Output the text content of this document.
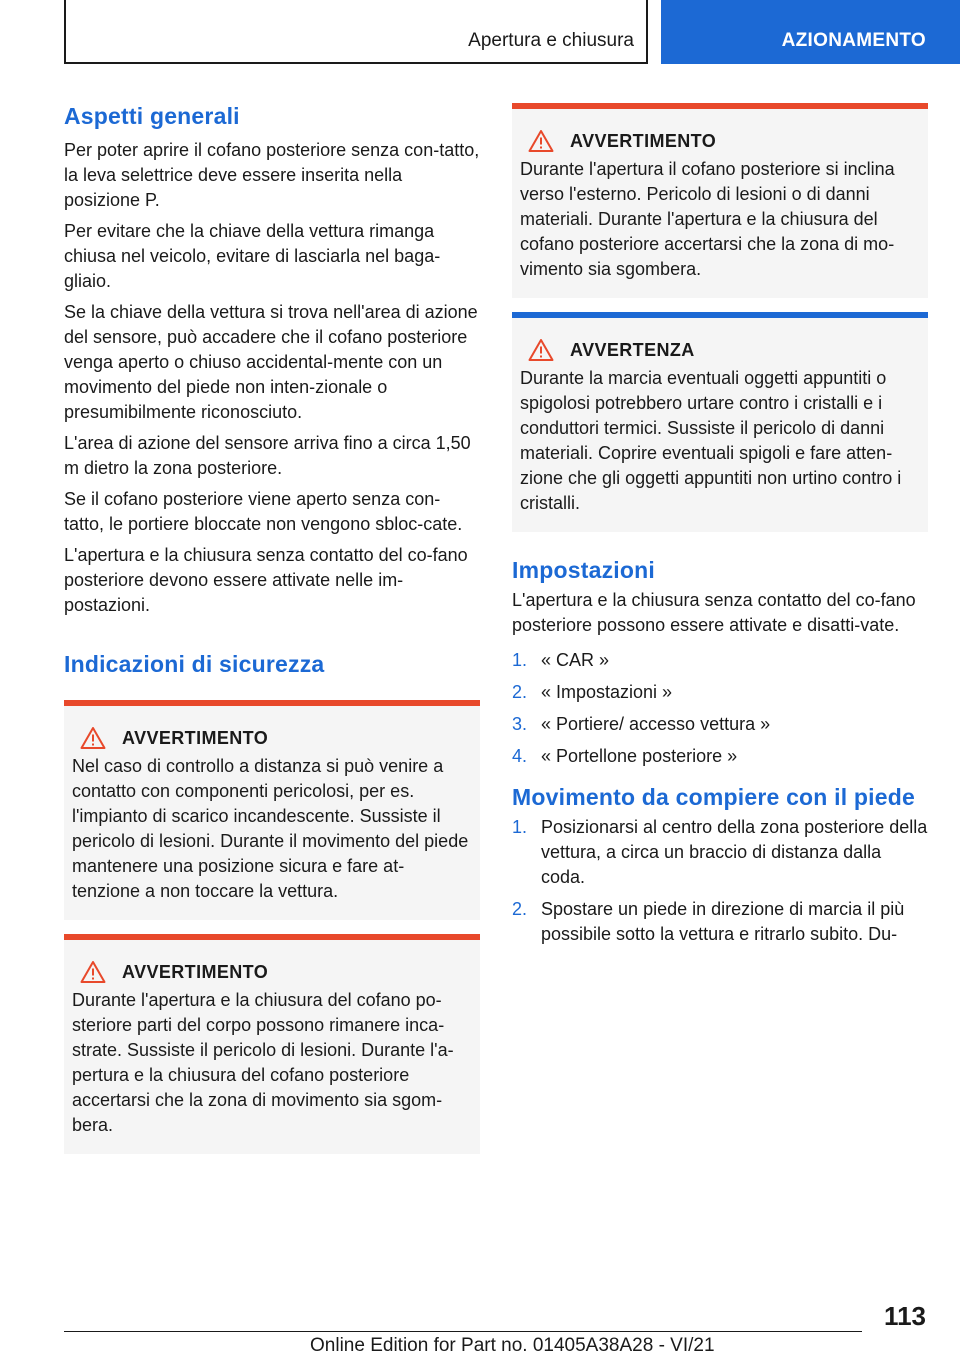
Apertura e chiusura	AZIONAMENTO
Aspetti generali

Per poter aprire il cofano posteriore senza con-tatto, la leva selettrice deve essere inserita nella posizione P.

Per evitare che la chiave della vettura rimanga chiusa nel veicolo, evitare di lasciarla nel baga-gliaio.

Se la chiave della vettura si trova nell'area di azione del sensore, può accadere che il cofano posteriore venga aperto o chiuso accidental-mente con un movimento del piede non inten-zionale o presumibilmente riconosciuto.

L'area di azione del sensore arriva fino a circa 1,50 m dietro la zona posteriore.

Se il cofano posteriore viene aperto senza con-tatto, le portiere bloccate non vengono sbloc-cate.

L'apertura e la chiusura senza contatto del co-fano posteriore devono essere attivate nelle im-postazioni.

Indicazioni di sicurezza
AVVERTIMENTO

Nel caso di controllo a distanza si può venire a contatto con componenti pericolosi, per es. l'impianto di scarico incandescente. Sussiste il pericolo di lesioni. Durante il movimento del piede mantenere una posizione sicura e fare at-tenzione a non toccare la vettura.

AVVERTIMENTO

Durante l'apertura e la chiusura del cofano po-steriore parti del corpo possono rimanere inca-strate. Sussiste il pericolo di lesioni. Durante l'a-pertura e la chiusura del cofano posteriore accertarsi che la zona di movimento sia sgom-bera.

AVVERTIMENTO

Durante l'apertura il cofano posteriore si inclina verso l'esterno. Pericolo di lesioni o di danni materiali. Durante l'apertura e la chiusura del cofano posteriore accertarsi che la zona di mo-vimento sia sgombera.

AVVERTENZA

Durante la marcia eventuali oggetti appuntiti o spigolosi potrebbero urtare contro i cristalli e i conduttori termici. Sussiste il pericolo di danni materiali. Coprire eventuali spigoli e fare atten-zione che gli oggetti appuntiti non urtino contro i cristalli.

Impostazioni

L'apertura e la chiusura senza contatto del co-fano posteriore possono essere attivate e disatti-vate.

1. « CAR »
2. « Impostazioni »
3. « Portiere/ accesso vettura »
4. « Portellone posteriore »
Movimento da compiere con il piede
1. Posizionarsi al centro della zona posteriore della vettura, a circa un braccio di distanza dalla coda.
2. Spostare un piede in direzione di marcia il più possibile sotto la vettura e ritrarlo subito. Du-
113
Online Edition for Part no. 01405A38A28 - VI/21
